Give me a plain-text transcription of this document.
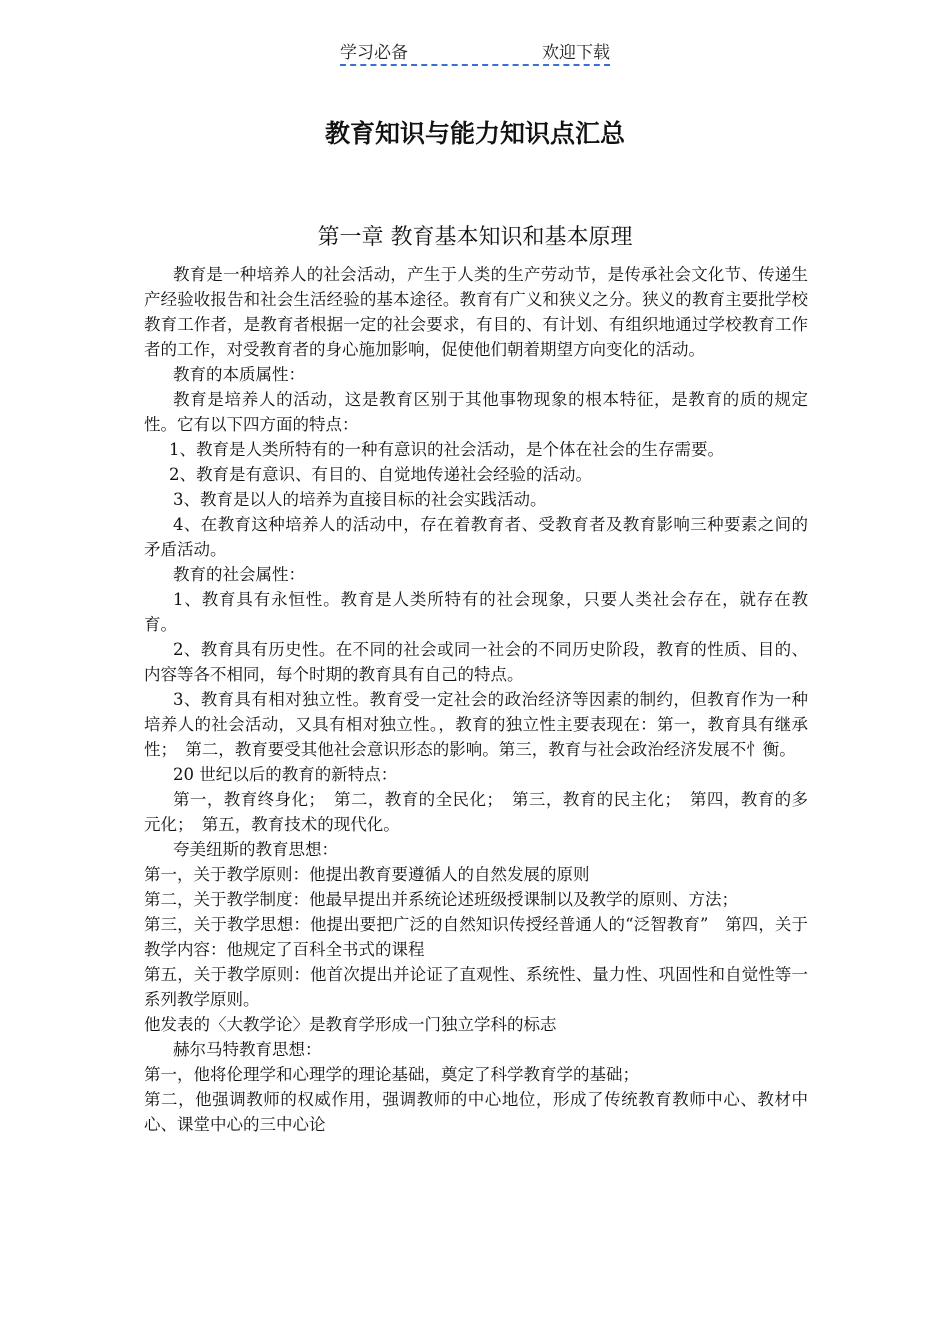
学习必备	欢迎下载
教育知识与能力知识点汇总
第一章 教育基本知识和基本原理

教育是一种培养人的社会活动，产生于人类的生产劳动节，是传承社会文化节、传递生产经验收报告和社会生活经验的基本途径。教育有广义和狭义之分。狭义的教育主要批学校教育工作者，是教育者根据一定的社会要求，有目的、有计划、有组织地通过学校教育工作者的工作，对受教育者的身心施加影响，促使他们朝着期望方向变化的活动。

教育的本质属性：

教育是培养人的活动，这是教育区别于其他事物现象的根本特征，是教育的质的规定性。它有以下四方面的特点：

1、教育是人类所特有的一种有意识的社会活动，是个体在社会的生存需要。

2、教育是有意识、有目的、自觉地传递社会经验的活动。

3、教育是以人的培养为直接目标的社会实践活动。

4、在教育这种培养人的活动中，存在着教育者、受教育者及教育影响三种要素之间的矛盾活动。

教育的社会属性：

1、教育具有永恒性。教育是人类所特有的社会现象，只要人类社会存在，就存在教育。

2、教育具有历史性。在不同的社会或同一社会的不同历史阶段，教育的性质、目的、内容等各不相同，每个时期的教育具有自己的特点。

3、教育具有相对独立性。教育受一定社会的政治经济等因素的制约，但教育作为一种培养人的社会活动，又具有相对独立性。，教育的独立性主要表现在：第一，教育具有继承性；　第二，教育要受其他社会意识形态的影响。第三，教育与社会政治经济发展不忄衡。

20 世纪以后的教育的新特点：

第一，教育终身化；　第二，教育的全民化；　第三，教育的民主化；　第四，教育的多元化；　第五，教育技术的现代化。

夸美纽斯的教育思想：

第一，关于教学原则：他提出教育要遵循人的自然发展的原则

第二，关于教学制度：他最早提出并系统论述班级授课制以及教学的原则、方法；

第三，关于教学思想：他提出要把广泛的自然知识传授经普通人的“泛智教育”　第四，关于教学内容：他规定了百科全书式的课程

第五，关于教学原则：他首次提出并论证了直观性、系统性、量力性、巩固性和自觉性等一系列教学原则。

他发表的〈大教学论〉是教育学形成一门独立学科的标志

赫尔马特教育思想：

第一，他将伦理学和心理学的理论基础，奠定了科学教育学的基础；

第二，他强调教师的权威作用，强调教师的中心地位，形成了传统教育教师中心、教材中心、课堂中心的三中心论
